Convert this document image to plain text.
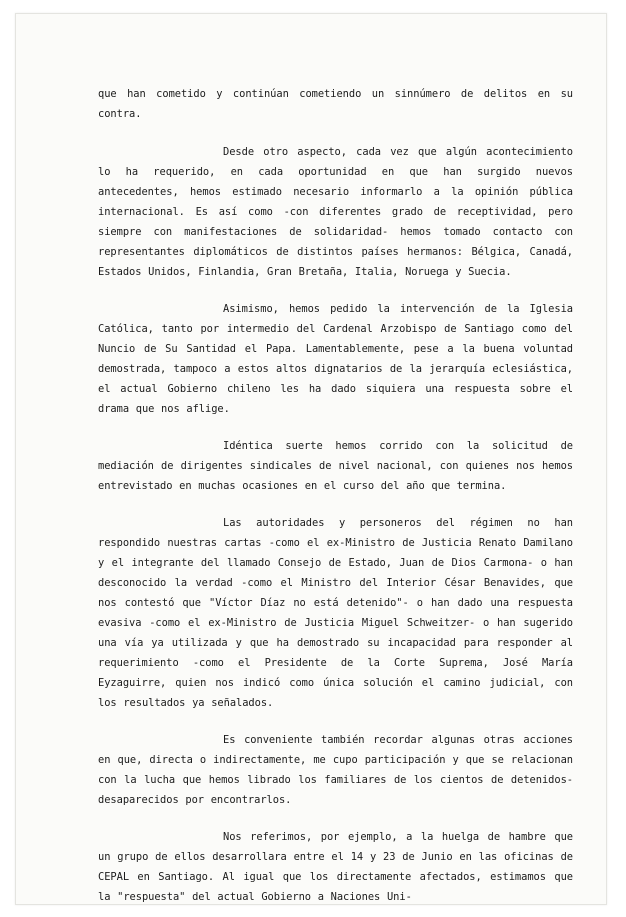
que han cometido y continúan cometiendo un sinnúmero de delitos en su contra.

Desde otro aspecto, cada vez que algún acontecimiento lo ha requerido, en cada oportunidad en que han surgido nuevos antecedentes, hemos estimado necesario informarlo a la opinión pública internacional. Es así como -con diferentes grado de receptividad, pero siempre con manifestaciones de solidaridad- hemos tomado contacto con representantes diplomáticos de distintos países hermanos: Bélgica, Canadá, Estados Unidos, Finlandia, Gran Bretaña, Italia, Noruega y Suecia.

Asimismo, hemos pedido la intervención de la Iglesia Católica, tanto por intermedio del Cardenal Arzobispo de Santiago como del Nuncio de Su Santidad el Papa. Lamentablemente, pese a la buena voluntad demostrada, tampoco a estos altos dignatarios de la jerarquía eclesiástica, el actual Gobierno chileno les ha dado siquiera una respuesta sobre el drama que nos aflige.

Idéntica suerte hemos corrido con la solicitud de mediación de dirigentes sindicales de nivel nacional, con quienes nos hemos entrevistado en muchas ocasiones en el curso del año que termina.

Las autoridades y personeros del régimen no han respondido nuestras cartas -como el ex-Ministro de Justicia Renato Damilano y el integrante del llamado Consejo de Estado, Juan de Dios Carmona- o han desconocido la verdad -como el Ministro del Interior César Benavides, que nos contestó que "Víctor Díaz no está detenido"- o han dado una respuesta evasiva -como el ex-Ministro de Justicia Miguel Schweitzer- o han sugerido una vía ya utilizada y que ha demostrado su incapacidad para responder al requerimiento -como el Presidente de la Corte Suprema, José María Eyzaguirre, quien nos indicó como única solución el camino judicial, con los resultados ya señalados.

Es conveniente también recordar algunas otras acciones en que, directa o indirectamente, me cupo participación y que se relacionan con la lucha que hemos librado los familiares de los cientos de detenidos-desaparecidos por encontrarlos.

Nos referimos, por ejemplo, a la huelga de hambre que un grupo de ellos desarrollara entre el 14 y 23 de Junio en las oficinas de CEPAL en Santiago. Al igual que los directamente afectados, estimamos que la "respuesta" del actual Gobierno a Naciones Uni-
